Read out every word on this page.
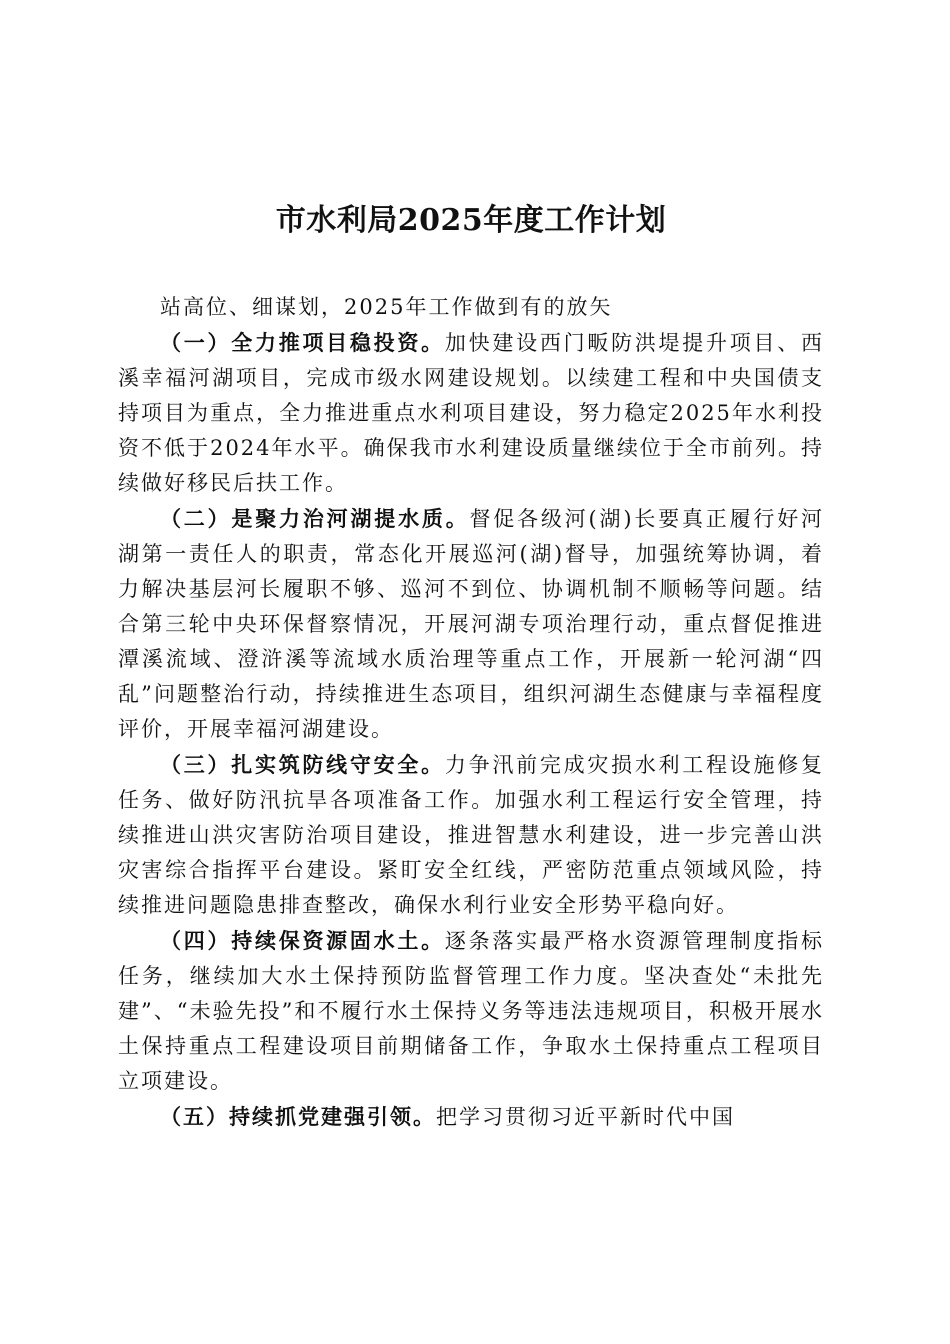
市水利局2025年度工作计划

站高位、细谋划，2025年工作做到有的放矢

（一）全力推项目稳投资。加快建设西门畈防洪堤提升项目、西溪幸福河湖项目，完成市级水网建设规划。以续建工程和中央国债支持项目为重点，全力推进重点水利项目建设，努力稳定2025年水利投资不低于2024年水平。确保我市水利建设质量继续位于全市前列。持续做好移民后扶工作。

（二）是聚力治河湖提水质。督促各级河(湖)长要真正履行好河湖第一责任人的职责，常态化开展巡河(湖)督导，加强统筹协调，着力解决基层河长履职不够、巡河不到位、协调机制不顺畅等问题。结合第三轮中央环保督察情况，开展河湖专项治理行动，重点督促推进潭溪流域、澄浒溪等流域水质治理等重点工作，开展新一轮河湖“四乱”问题整治行动，持续推进生态项目，组织河湖生态健康与幸福程度评价，开展幸福河湖建设。

（三）扎实筑防线守安全。力争汛前完成灾损水利工程设施修复任务、做好防汛抗旱各项准备工作。加强水利工程运行安全管理，持续推进山洪灾害防治项目建设，推进智慧水利建设，进一步完善山洪灾害综合指挥平台建设。紧盯安全红线，严密防范重点领域风险，持续推进问题隐患排查整改，确保水利行业安全形势平稳向好。

（四）持续保资源固水土。逐条落实最严格水资源管理制度指标任务，继续加大水土保持预防监督管理工作力度。坚决查处“未批先建”、“未验先投”和不履行水土保持义务等违法违规项目，积极开展水土保持重点工程建设项目前期储备工作，争取水土保持重点工程项目立项建设。

（五）持续抓党建强引领。把学习贯彻习近平新时代中国
